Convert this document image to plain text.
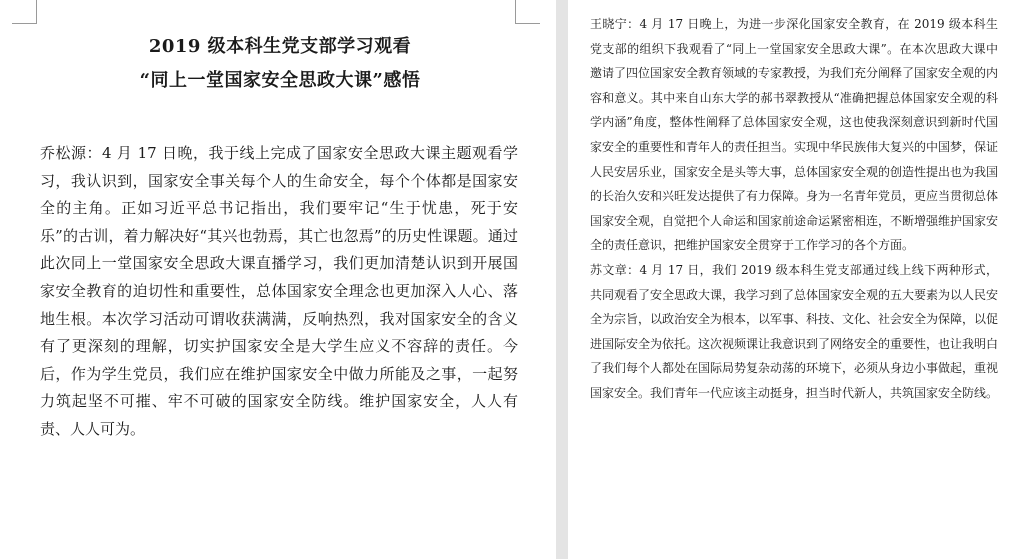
2019 级本科生党支部学习观看

“同上一堂国家安全思政大课”感悟

乔松源：4 月 17 日晚，我于线上完成了国家安全思政大课主题观看学习，我认识到，国家安全事关每个人的生命安全，每个个体都是国家安全的主角。正如习近平总书记指出，我们要牢记“生于忧患，死于安乐”的古训，着力解决好“其兴也勃焉，其亡也忽焉”的历史性课题。通过此次同上一堂国家安全思政大课直播学习，我们更加清楚认识到开展国家安全教育的迫切性和重要性，总体国家安全理念也更加深入人心、落地生根。本次学习活动可谓收获满满，反响热烈，我对国家安全的含义有了更深刻的理解，切实护国家安全是大学生应义不容辞的责任。今后，作为学生党员，我们应在维护国家安全中做力所能及之事，一起努力筑起坚不可摧、牢不可破的国家安全防线。维护国家安全，人人有责、人人可为。

王晓宁：4 月 17 日晚上，为进一步深化国家安全教育，在 2019 级本科生党支部的组织下我观看了“同上一堂国家安全思政大课”。在本次思政大课中邀请了四位国家安全教育领域的专家教授，为我们充分阐释了国家安全观的内容和意义。其中来自山东大学的郝书翠教授从“准确把握总体国家安全观的科学内涵”角度，整体性阐释了总体国家安全观，这也使我深刻意识到新时代国家安全的重要性和青年人的责任担当。实现中华民族伟大复兴的中国梦，保证人民安居乐业，国家安全是头等大事，总体国家安全观的创造性提出也为我国的长治久安和兴旺发达提供了有力保障。身为一名青年党员，更应当贯彻总体国家安全观，自觉把个人命运和国家前途命运紧密相连，不断增强维护国家安全的责任意识，把维护国家安全贯穿于工作学习的各个方面。

苏文章：4 月 17 日，我们 2019 级本科生党支部通过线上线下两种形式，共同观看了安全思政大课，我学习到了总体国家安全观的五大要素为以人民安全为宗旨，以政治安全为根本，以军事、科技、文化、社会安全为保障，以促进国际安全为依托。这次视频课让我意识到了网络安全的重要性，也让我明白了我们每个人都处在国际局势复杂动荡的环境下，必须从身边小事做起，重视国家安全。我们青年一代应该主动挺身，担当时代新人，共筑国家安全防线。
